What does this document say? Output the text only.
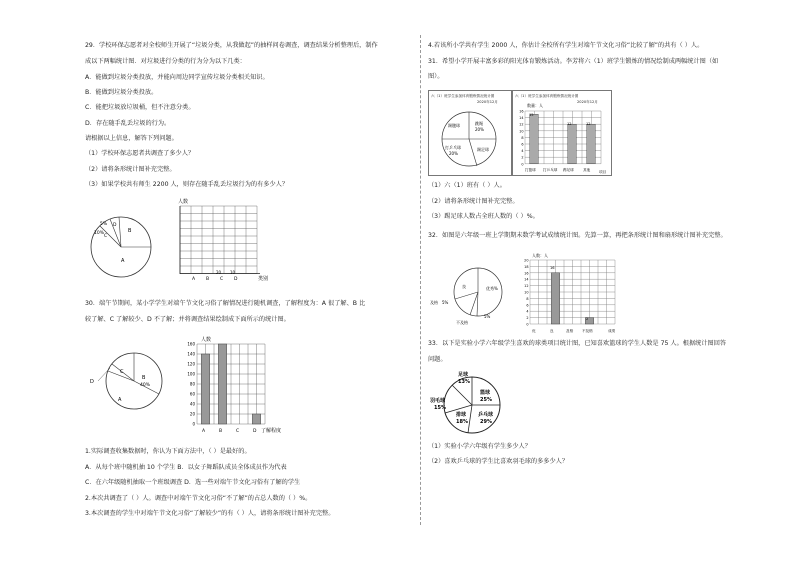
29．学校环保志愿者对全校师生开展了“垃圾分类，从我做起”的抽样问卷调查，调查结果分析整理后，制作
成以下两幅统计图．对垃圾进行分类的行为分为以下几类：
A．能做到垃圾分类投放，并能向周边同学宣传垃圾分类相关知识。
B．能做到垃圾分类投放。
C．能把垃圾放垃圾桶，但不注意分类。
D．存在随手乱丢垃圾的行为。
请根据以上信息，解答下列问题。
（1）学校环保志愿者共调查了多少人？
（2）请将条形统计图补充完整。
（3）如果学校共有师生 2200 人，则存在随手乱丢垃圾行为的有多少人？
A
B
10%
5%
C
D
人数
类别
A B C D
20 10
30．端午节期间，某小学学生对端午节文化习俗了解情况进行随机调查，了解程度为：A 很了解、B 比
较了解、C 了解较少、D 不了解；并将调查结果绘制成下面所示的统计图。
A
B
40%
C
D
0
20
40
60
80
100
120
140
160
人数
了解程度
A	B	C	D
1.实际调查收集数据时，你认为下面方法中，（ ）是最好的。
A．从每个班中随机抽 10 个学生 B．以女子舞蹈队成员全体成员作为代表
C．在六年级随机抽取一个班级调查 D．选一些对端午节文化习俗有了解的学生
2.本次共调查了（ ）人。调查中对端午节文化习俗“不了解”的占总人数的（ ）%。
3.本次调查的学生中对端午节文化习俗“了解较少”的有（ ）人，请将条形统计图补充完整。
4.若该所小学共有学生 2000 人，你估计全校所有学生对端午节文化习俗“比较了解”的共有（ ）人。
31．希望小学开展丰富多彩的阳光体育锻炼活动。李芳将六（1）班学生锻炼的情况绘制成两幅统计图（如
图）。
六（1）班学生参加体育锻炼情况统计图
2020年12月
踢毽球	跳绳
20%
打乒乓球
20%
踢足球
六（1）班学生参加体育锻炼情况统计图
2020年12月
0
2
4
6
8
10
12
14
16
数量：人
项目
打篮球 打乒乓球 踢足球	其他
15
12	12
（1）六（1）班有（ ）人。
（2）请将条形统计图补充完整。
（3）踢足球人数占全班人数的（ ）%。
32．如图是六年级一班上学期期末数学考试成绩统计图。先算一算，再把条形统计图和扇形统计图补充完整。
良	优秀 %
及格 5%
不及格
5%
0
2
4
6
8
10
12
14
16
18
20
人数：人
成绩
优	良	及格 不及格
16
2
33．以下是实验小学六年级学生喜欢的球类项目统计图，已知喜欢篮球的学生人数是 75 人。根据统计图回答
问题。
足球
13%
篮球
25%
乒乓球
29%
排球
18%
羽毛球
15%
（1）实验小学六年级有学生多少人？
（2）喜欢乒乓球的学生比喜欢羽毛球的多多少人？
